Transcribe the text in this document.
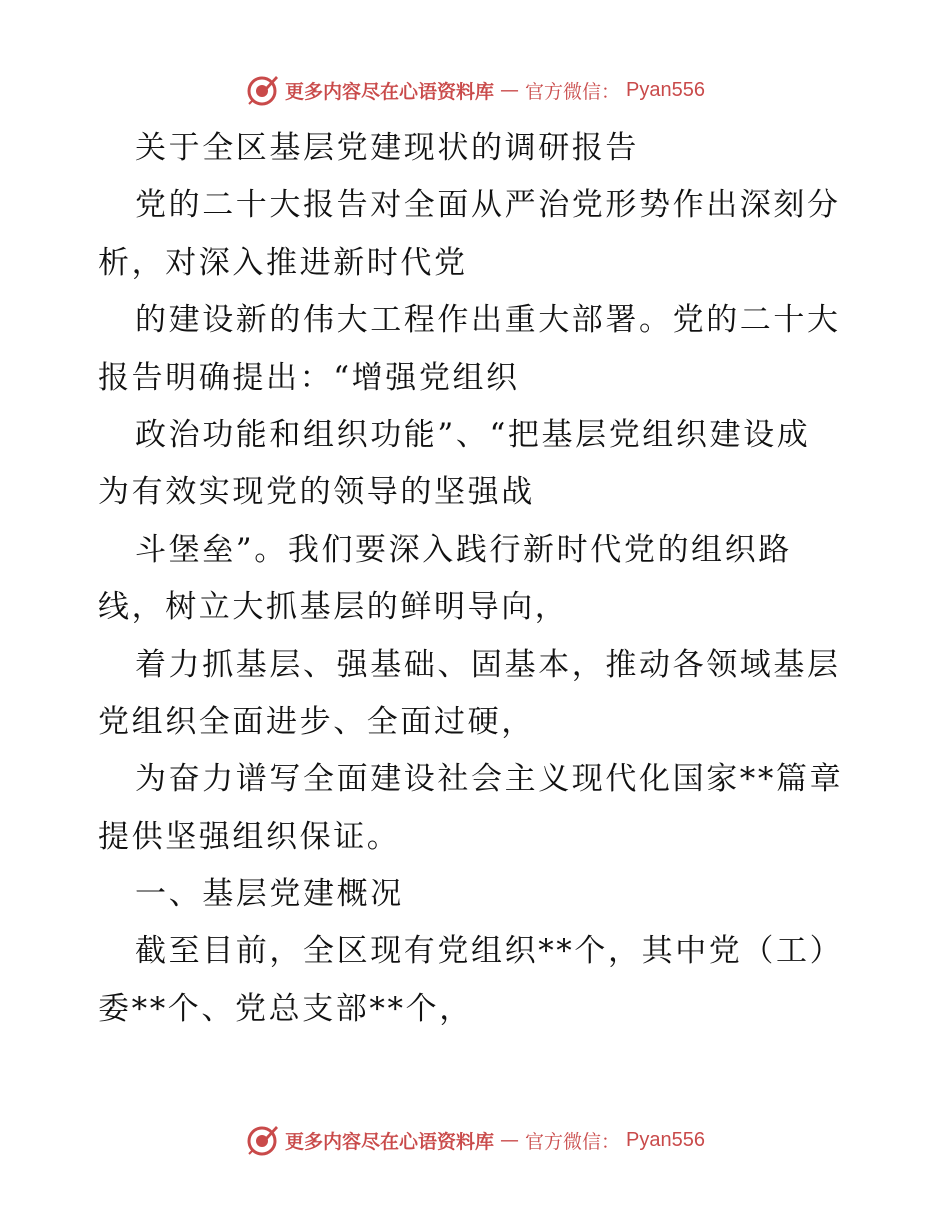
更多内容尽在心语资料库 — 官方微信： Pyan556
关于全区基层党建现状的调研报告
党的二十大报告对全面从严治党形势作出深刻分
析，对深入推进新时代党
的建设新的伟大工程作出重大部署。党的二十大
报告明确提出：“增强党组织
政治功能和组织功能”、“把基层党组织建设成
为有效实现党的领导的坚强战
斗堡垒”。我们要深入践行新时代党的组织路
线，树立大抓基层的鲜明导向，
着力抓基层、强基础、固基本，推动各领域基层
党组织全面进步、全面过硬，
为奋力谱写全面建设社会主义现代化国家**篇章
提供坚强组织保证。
一、基层党建概况
截至目前，全区现有党组织**个，其中党（工）
委**个、党总支部**个，
更多内容尽在心语资料库 — 官方微信： Pyan556
